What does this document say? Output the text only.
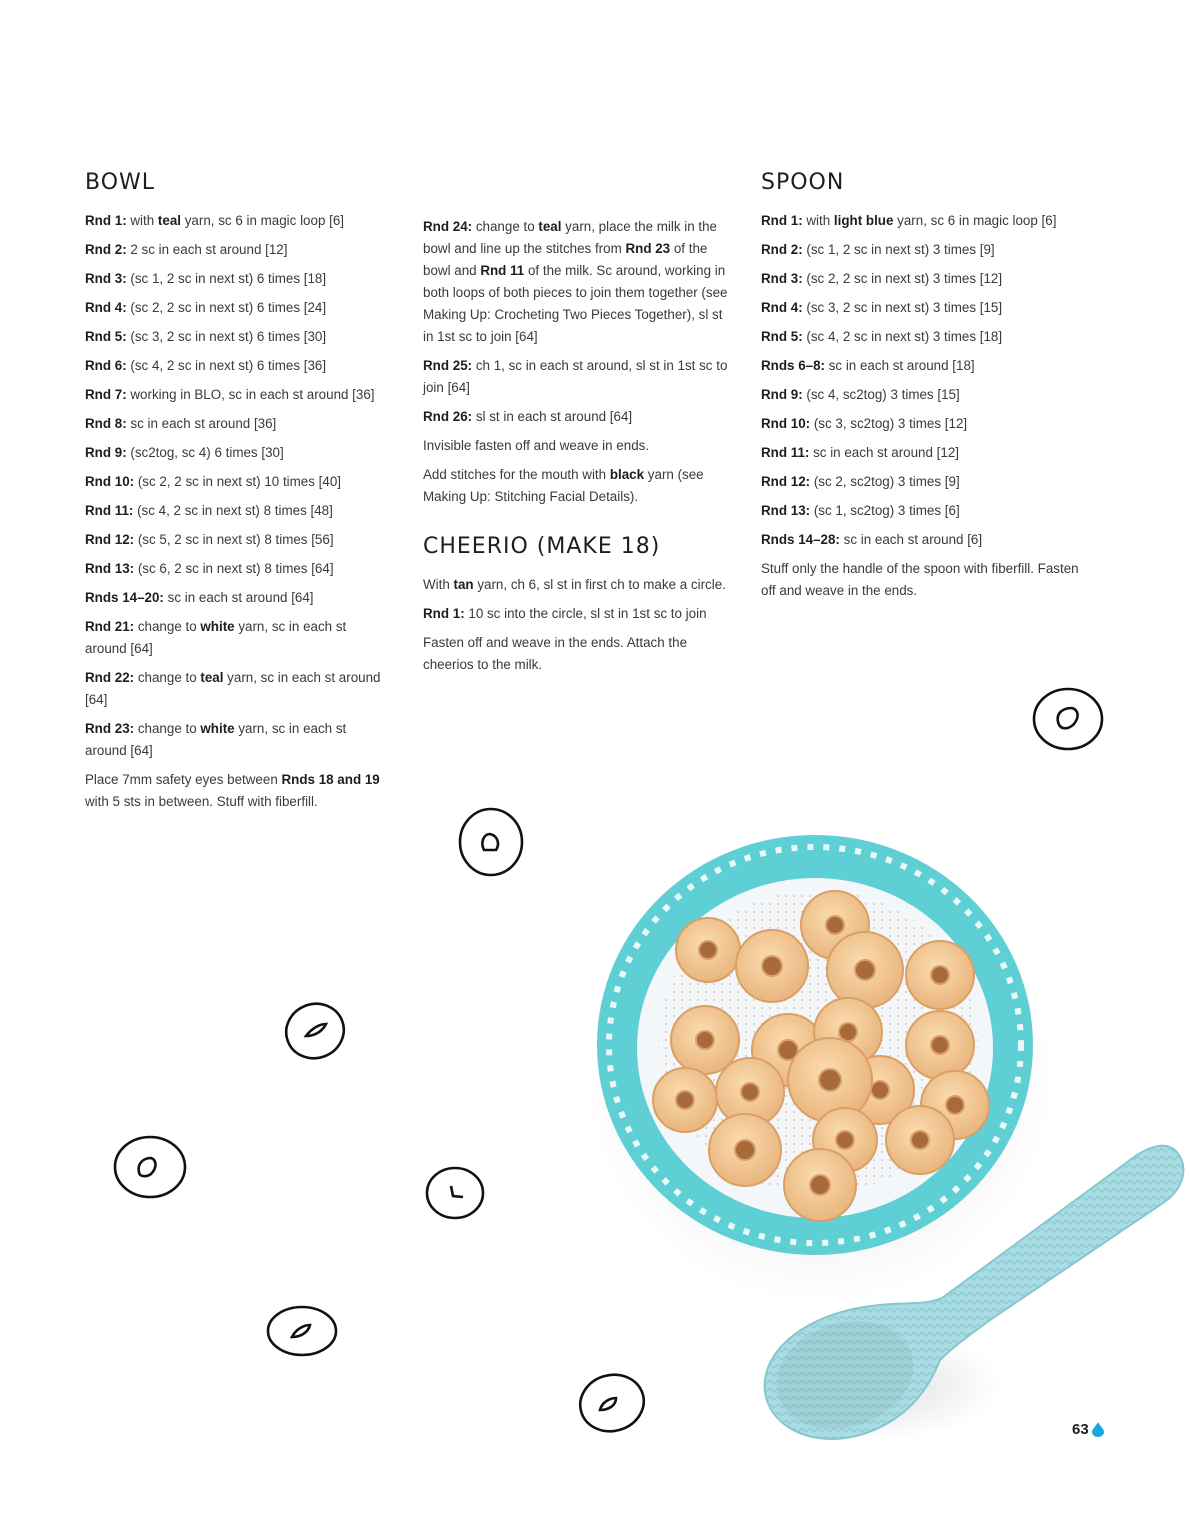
BOWL

Rnd 1: with teal yarn, sc 6 in magic loop [6]

Rnd 2: 2 sc in each st around [12]

Rnd 3: (sc 1, 2 sc in next st) 6 times [18]

Rnd 4: (sc 2, 2 sc in next st) 6 times [24]

Rnd 5: (sc 3, 2 sc in next st) 6 times [30]

Rnd 6: (sc 4, 2 sc in next st) 6 times [36]

Rnd 7: working in BLO, sc in each st around [36]

Rnd 8: sc in each st around [36]

Rnd 9: (sc2tog, sc 4) 6 times [30]

Rnd 10: (sc 2, 2 sc in next st) 10 times [40]

Rnd 11: (sc 4, 2 sc in next st) 8 times [48]

Rnd 12: (sc 5, 2 sc in next st) 8 times [56]

Rnd 13: (sc 6, 2 sc in next st) 8 times [64]

Rnds 14–20: sc in each st around [64]

Rnd 21: change to white yarn, sc in each st around [64]

Rnd 22: change to teal yarn, sc in each st around [64]

Rnd 23: change to white yarn, sc in each st around [64]

Place 7mm safety eyes between Rnds 18 and 19 with 5 sts in between. Stuff with fiberfill.

Rnd 24: change to teal yarn, place the milk in the bowl and line up the stitches from Rnd 23 of the bowl and Rnd 11 of the milk. Sc around, working in both loops of both pieces to join them together (see Making Up: Crocheting Two Pieces Together), sl st in 1st sc to join [64]

Rnd 25: ch 1, sc in each st around, sl st in 1st sc to join [64]

Rnd 26: sl st in each st around [64]

Invisible fasten off and weave in ends.

Add stitches for the mouth with black yarn (see Making Up: Stitching Facial Details).

CHEERIO (MAKE 18)

With tan yarn, ch 6, sl st in first ch to make a circle.

Rnd 1: 10 sc into the circle, sl st in 1st sc to join

Fasten off and weave in the ends. Attach the cheerios to the milk.

SPOON

Rnd 1: with light blue yarn, sc 6 in magic loop [6]

Rnd 2: (sc 1, 2 sc in next st) 3 times [9]

Rnd 3: (sc 2, 2 sc in next st) 3 times [12]

Rnd 4: (sc 3, 2 sc in next st) 3 times [15]

Rnd 5: (sc 4, 2 sc in next st) 3 times [18]

Rnds 6–8: sc in each st around [18]

Rnd 9: (sc 4, sc2tog) 3 times [15]

Rnd 10: (sc 3, sc2tog) 3 times [12]

Rnd 11: sc in each st around [12]

Rnd 12: (sc 2, sc2tog) 3 times [9]

Rnd 13: (sc 1, sc2tog) 3 times [6]

Rnds 14–28: sc in each st around [6]

Stuff only the handle of the spoon with fiberfill. Fasten off and weave in the ends.

63
